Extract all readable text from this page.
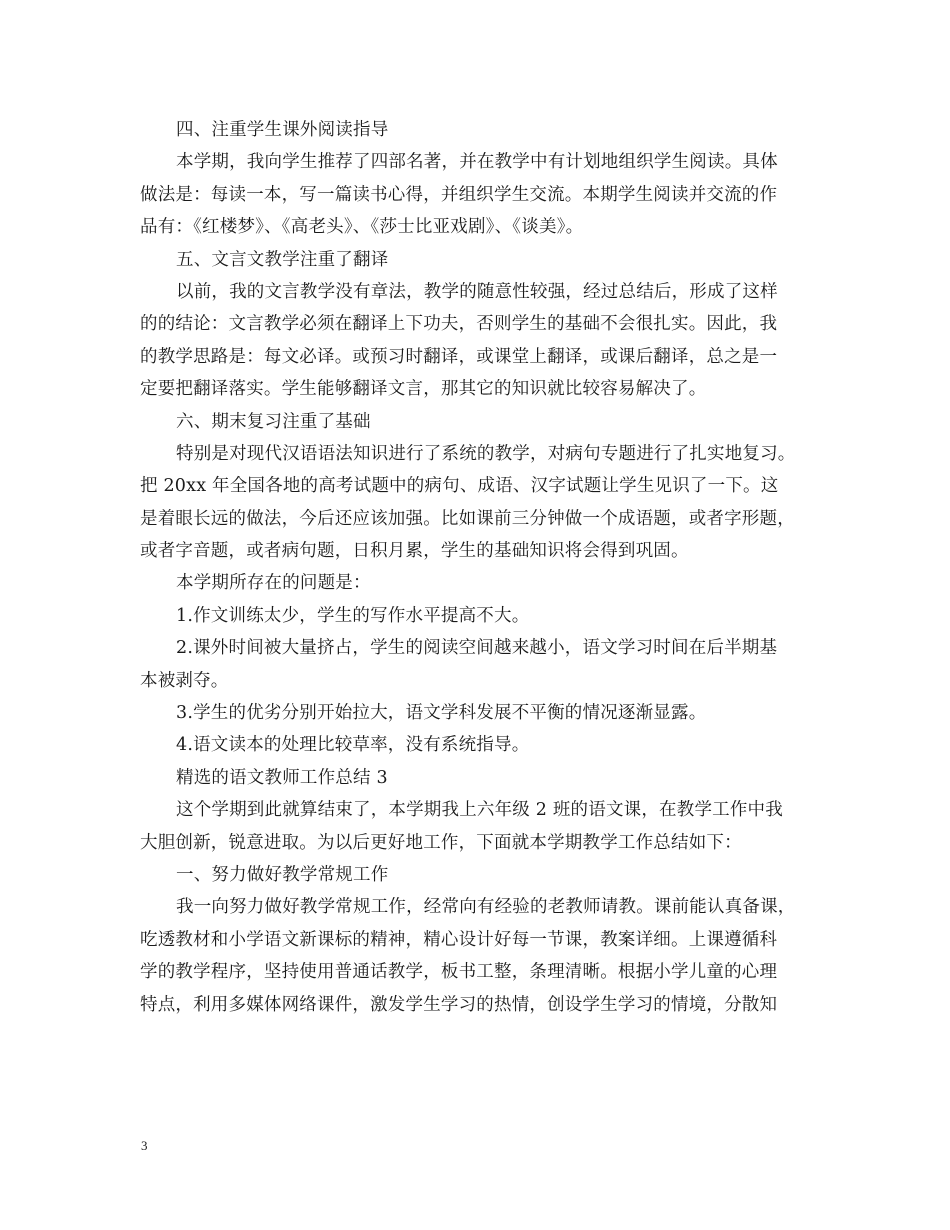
四、注重学生课外阅读指导
本学期，我向学生推荐了四部名著，并在教学中有计划地组织学生阅读。具体
做法是：每读一本，写一篇读书心得，并组织学生交流。本期学生阅读并交流的作
品有：《红楼梦》、《高老头》、《莎士比亚戏剧》、《谈美》。
五、文言文教学注重了翻译
以前，我的文言教学没有章法，教学的随意性较强，经过总结后，形成了这样
的的结论：文言教学必须在翻译上下功夫，否则学生的基础不会很扎实。因此，我
的教学思路是：每文必译。或预习时翻译，或课堂上翻译，或课后翻译，总之是一
定要把翻译落实。学生能够翻译文言，那其它的知识就比较容易解决了。
六、期末复习注重了基础
特别是对现代汉语语法知识进行了系统的教学，对病句专题进行了扎实地复习。
把 20xx 年全国各地的高考试题中的病句、成语、汉字试题让学生见识了一下。这
是着眼长远的做法，今后还应该加强。比如课前三分钟做一个成语题，或者字形题，
或者字音题，或者病句题，日积月累，学生的基础知识将会得到巩固。
本学期所存在的问题是：
1.作文训练太少，学生的写作水平提高不大。
2.课外时间被大量挤占，学生的阅读空间越来越小，语文学习时间在后半期基
本被剥夺。
3.学生的优劣分别开始拉大，语文学科发展不平衡的情况逐渐显露。
4.语文读本的处理比较草率，没有系统指导。
精选的语文教师工作总结 3
这个学期到此就算结束了，本学期我上六年级 2 班的语文课，在教学工作中我
大胆创新，锐意进取。为以后更好地工作，下面就本学期教学工作总结如下：
一、努力做好教学常规工作
我一向努力做好教学常规工作，经常向有经验的老教师请教。课前能认真备课，
吃透教材和小学语文新课标的精神，精心设计好每一节课，教案详细。上课遵循科
学的教学程序，坚持使用普通话教学，板书工整，条理清晰。根据小学儿童的心理
特点，利用多媒体网络课件，激发学生学习的热情，创设学生学习的情境，分散知
3
